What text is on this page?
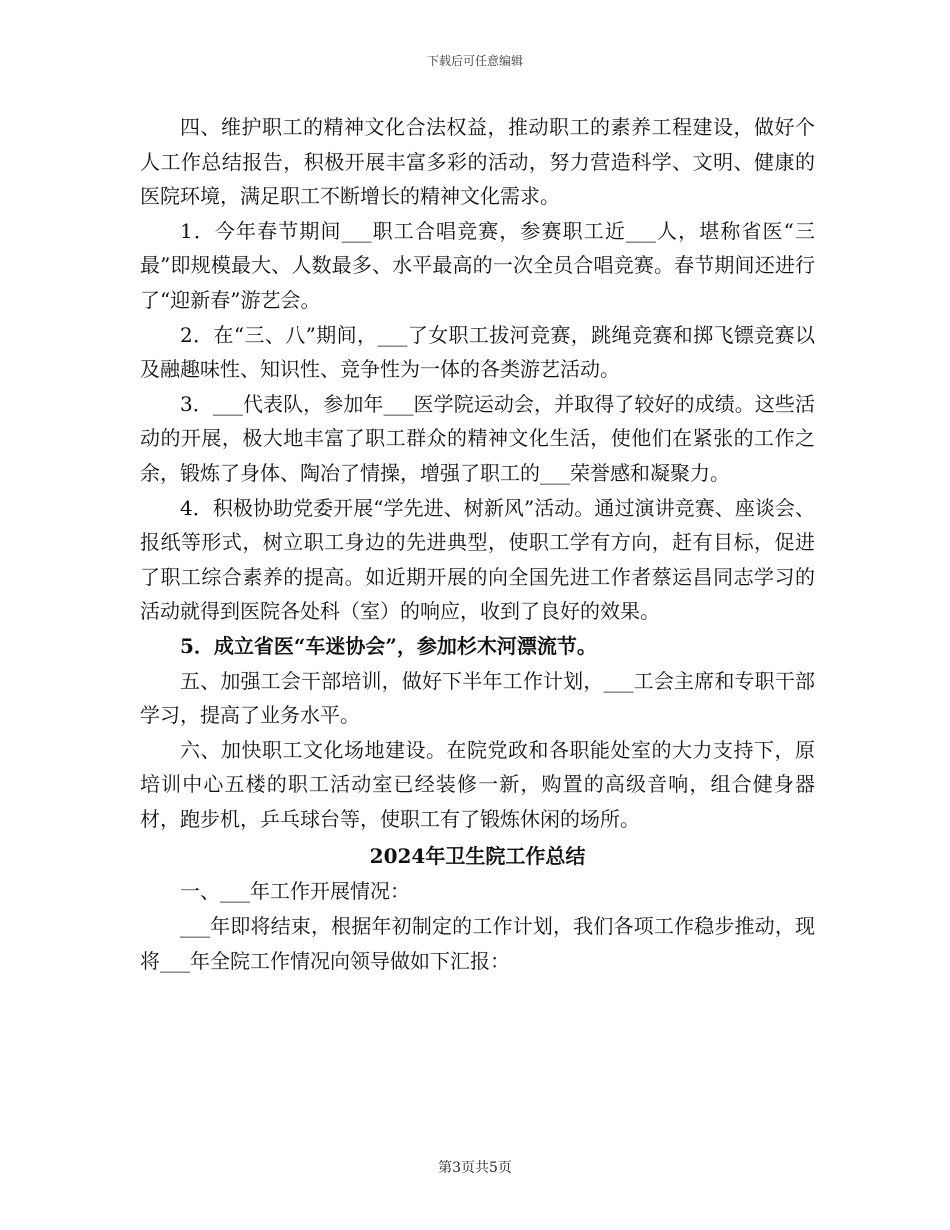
下载后可任意编辑

四、维护职工的精神文化合法权益，推动职工的素养工程建设，做好个人工作总结报告，积极开展丰富多彩的活动，努力营造科学、文明、健康的医院环境，满足职工不断增长的精神文化需求。

1．今年春节期间___职工合唱竞赛，参赛职工近___人，堪称省医“三最”即规模最大、人数最多、水平最高的一次全员合唱竞赛。春节期间还进行了“迎新春”游艺会。

2．在“三、八”期间，___了女职工拔河竞赛，跳绳竞赛和掷飞镖竞赛以及融趣味性、知识性、竞争性为一体的各类游艺活动。

3．___代表队，参加年___医学院运动会，并取得了较好的成绩。这些活动的开展，极大地丰富了职工群众的精神文化生活，使他们在紧张的工作之余，锻炼了身体、陶冶了情操，增强了职工的___荣誉感和凝聚力。

4．积极协助党委开展“学先进、树新风”活动。通过演讲竞赛、座谈会、报纸等形式，树立职工身边的先进典型，使职工学有方向，赶有目标，促进了职工综合素养的提高。如近期开展的向全国先进工作者蔡运昌同志学习的活动就得到医院各处科（室）的响应，收到了良好的效果。

5．成立省医“车迷协会”，参加杉木河漂流节。

五、加强工会干部培训，做好下半年工作计划，___工会主席和专职干部学习，提高了业务水平。

六、加快职工文化场地建设。在院党政和各职能处室的大力支持下，原培训中心五楼的职工活动室已经装修一新，购置的高级音响，组合健身器材，跑步机，乒乓球台等，使职工有了锻炼休闲的场所。

2024年卫生院工作总结

一、___年工作开展情况：

___年即将结束，根据年初制定的工作计划，我们各项工作稳步推动，现将___年全院工作情况向领导做如下汇报：

第3页共5页
